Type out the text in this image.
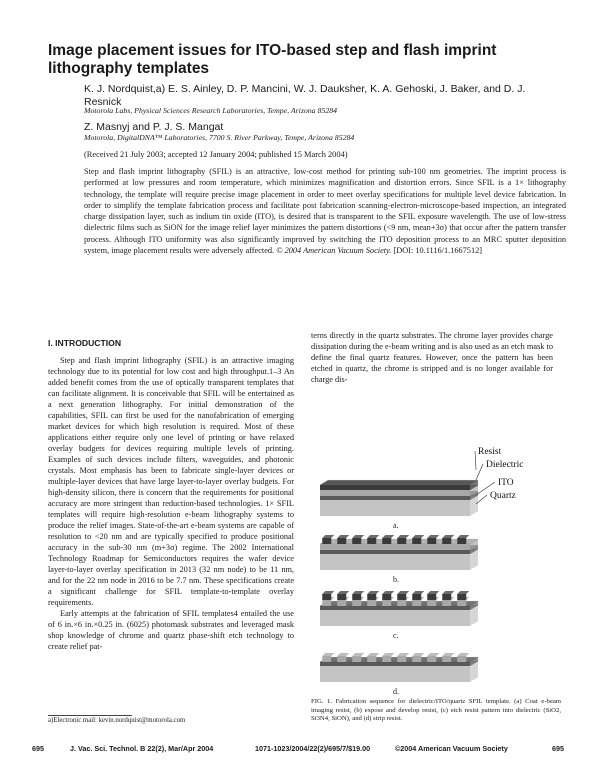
Image placement issues for ITO-based step and flash imprint lithography templates
K. J. Nordquist,a) E. S. Ainley, D. P. Mancini, W. J. Dauksher, K. A. Gehoski, J. Baker, and D. J. Resnick
Motorola Labs, Physical Sciences Research Laboratories, Tempe, Arizona 85284
Z. Masnyj and P. J. S. Mangat
Motorola, DigitalDNA™ Laboratories, 7700 S. River Parkway, Tempe, Arizona 85284
(Received 21 July 2003; accepted 12 January 2004; published 15 March 2004)
Step and flash imprint lithography (SFIL) is an attractive, low-cost method for printing sub-100 nm geometries. The imprint process is performed at low pressures and room temperature, which minimizes magnification and distortion errors. Since SFIL is a 1× lithography technology, the template will require precise image placement in order to meet overlay specifications for multiple level device fabrication. In order to simplify the template fabrication process and facilitate post fabrication scanning-electron-microscope-based inspection, an integrated charge dissipation layer, such as indium tin oxide (ITO), is desired that is transparent to the SFIL exposure wavelength. The use of low-stress dielectric films such as SiON for the image relief layer minimizes the pattern distortions (<9 nm, mean+3σ) that occur after the pattern transfer process. Although ITO uniformity was also significantly improved by switching the ITO deposition process to an MRC sputter deposition system, image placement results were adversely affected. © 2004 American Vacuum Society. [DOI: 10.1116/1.1667512]
I. INTRODUCTION

Step and flash imprint lithography (SFIL) is an attractive imaging technology due to its potential for low cost and high throughput.1–3 An added benefit comes from the use of optically transparent templates that can facilitate alignment. It is conceivable that SFIL will be entertained as a next generation lithography. For initial demonstration of the capabilities, SFIL can first be used for the nanofabrication of emerging market devices for which high resolution is required. Most of these applications either require only one level of printing or have relaxed overlay budgets for devices requiring multiple levels of printing. Examples of such devices include filters, waveguides, and photonic crystals. Most emphasis has been to fabricate single-layer devices or multiple-layer devices that have large layer-to-layer overlay budgets. For high-density silicon, there is concern that the requirements for positional accuracy are more stringent than reduction-based technologies. 1× SFIL templates will require high-resolution e-beam lithography systems to produce the relief images. State-of-the-art e-beam systems are capable of resolution to <20 nm and are typically specified to produce positional accuracy in the sub-30 nm (m+3σ) regime. The 2002 International Technology Roadmap for Semiconductors requires the wafer device layer-to-layer overlay specification in 2013 (32 nm node) to be 11 nm, and for the 22 nm node in 2016 to be 7.7 nm. These specifications create a significant challenge for SFIL template-to-template overlay requirements.

Early attempts at the fabrication of SFIL templates4 entailed the use of 6 in.×6 in.×0.25 in. (6025) photomask substrates and leveraged mask shop knowledge of chrome and quartz phase-shift etch technology to create relief pat-

a)Electronic mail: kevin.nordquist@motorola.com
terns directly in the quartz substrates. The chrome layer provides charge dissipation during the e-beam writing and is also used as an etch mask to define the final quartz features. However, once the pattern has been etched in quartz, the chrome is stripped and is no longer available for charge dis-
a.
b.
c.
d.
Resist
Dielectric
ITO
Quartz
FIG. 1. Fabrication sequence for dielectric/ITO/quartz SFIL template. (a) Coat e-beam imaging resist, (b) expose and develop resist, (c) etch resist pattern into dielectric (SiO2, Si3N4, SiON), and (d) strip resist.
695	J. Vac. Sci. Technol. B 22(2), Mar/Apr 2004	1071-1023/2004/22(2)/695/7/$19.00	©2004 American Vacuum Society	695
